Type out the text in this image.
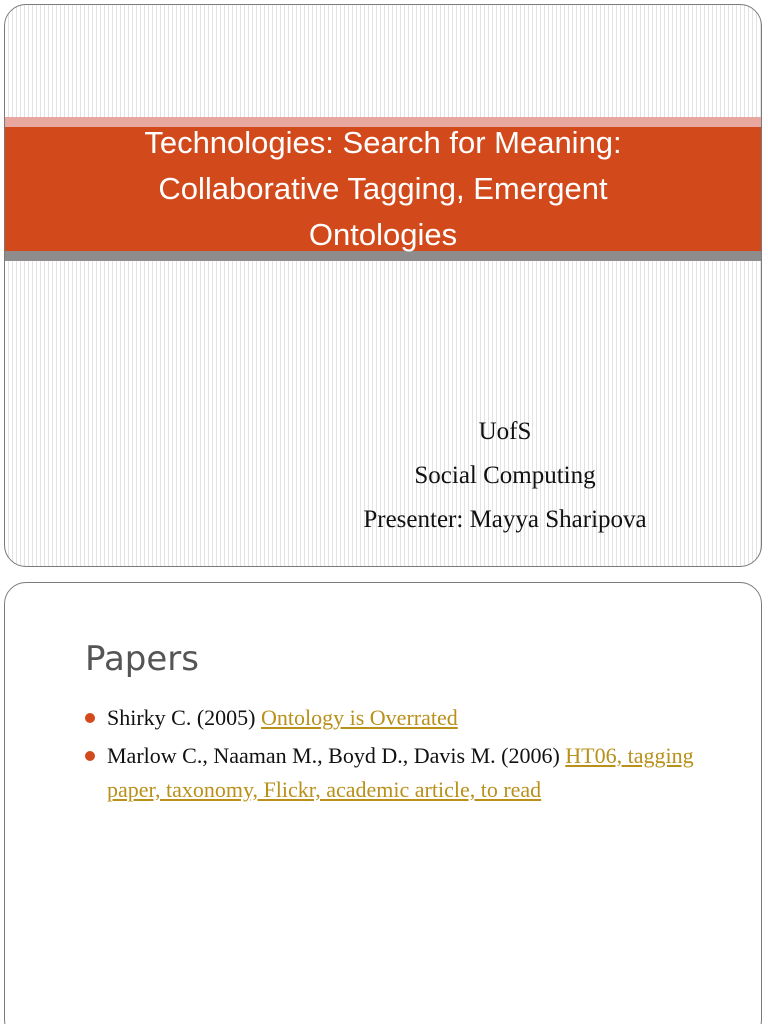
Technologies: Search for Meaning:
Collaborative Tagging, Emergent
Ontologies
UofS
Social Computing
Presenter: Mayya Sharipova
Papers
Shirky C. (2005) Ontology is Overrated
Marlow C., Naaman M., Boyd D., Davis M. (2006) HT06, tagging paper, taxonomy, Flickr, academic article, to read
